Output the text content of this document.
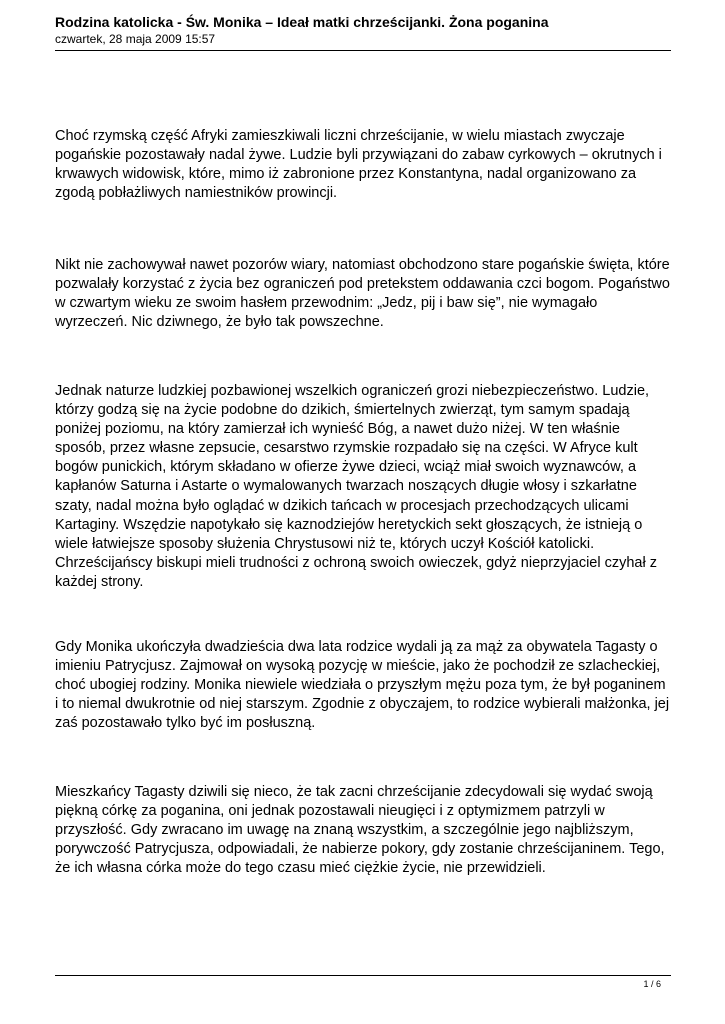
Rodzina katolicka - Św. Monika – Ideał matki chrześcijanki. Żona poganina

czwartek, 28 maja 2009 15:57

Choć rzymską część Afryki zamieszkiwali liczni chrześcijanie, w wielu miastach zwyczaje
pogańskie pozostawały nadal żywe. Ludzie byli przywiązani do zabaw cyrkowych – okrutnych i
krwawych widowisk, które, mimo iż zabronione przez Konstantyna, nadal organizowano za
zgodą pobłażliwych namiestników prowincji.
Nikt nie zachowywał nawet pozorów wiary, natomiast obchodzono stare pogańskie święta, które
pozwalały korzystać z życia bez ograniczeń pod pretekstem oddawania czci bogom. Pogaństwo
w czwartym wieku ze swoim hasłem przewodnim: „Jedz, pij i baw się”, nie wymagało
wyrzeczeń. Nic dziwnego, że było tak powszechne.
Jednak naturze ludzkiej pozbawionej wszelkich ograniczeń grozi niebezpieczeństwo. Ludzie,
którzy godzą się na życie podobne do dzikich, śmiertelnych zwierząt, tym samym spadają
poniżej poziomu, na który zamierzał ich wynieść Bóg, a nawet dużo niżej. W ten właśnie
sposób, przez własne zepsucie, cesarstwo rzymskie rozpadało się na części. W Afryce kult
bogów punickich, którym składano w ofierze żywe dzieci, wciąż miał swoich wyznawców, a
kapłanów Saturna i Astarte o wymalowanych twarzach noszących długie włosy i szkarłatne
szaty, nadal można było oglądać w dzikich tańcach w procesjach przechodzących ulicami
Kartaginy. Wszędzie napotykało się kaznodziejów heretyckich sekt głoszących, że istnieją o
wiele łatwiejsze sposoby służenia Chrystusowi niż te, których uczył Kościół katolicki.
Chrześcijańscy biskupi mieli trudności z ochroną swoich owieczek, gdyż nieprzyjaciel czyhał z
każdej strony.
Gdy Monika ukończyła dwadzieścia dwa lata rodzice wydali ją za mąż za obywatela Tagasty o
imieniu Patrycjusz. Zajmował on wysoką pozycję w mieście, jako że pochodził ze szlacheckiej,
choć ubogiej rodziny. Monika niewiele wiedziała o przyszłym mężu poza tym, że był poganinem
i to niemal dwukrotnie od niej starszym. Zgodnie z obyczajem, to rodzice wybierali małżonka, jej
zaś pozostawało tylko być im posłuszną.
Mieszkańcy Tagasty dziwili się nieco, że tak zacni chrześcijanie zdecydowali się wydać swoją
piękną córkę za poganina, oni jednak pozostawali nieugięci i z optymizmem patrzyli w
przyszłość. Gdy zwracano im uwagę na znaną wszystkim, a szczególnie jego najbliższym,
porywczość Patrycjusza, odpowiadali, że nabierze pokory, gdy zostanie chrześcijaninem. Tego,
że ich własna córka może do tego czasu mieć ciężkie życie, nie przewidzieli.
1 / 6
